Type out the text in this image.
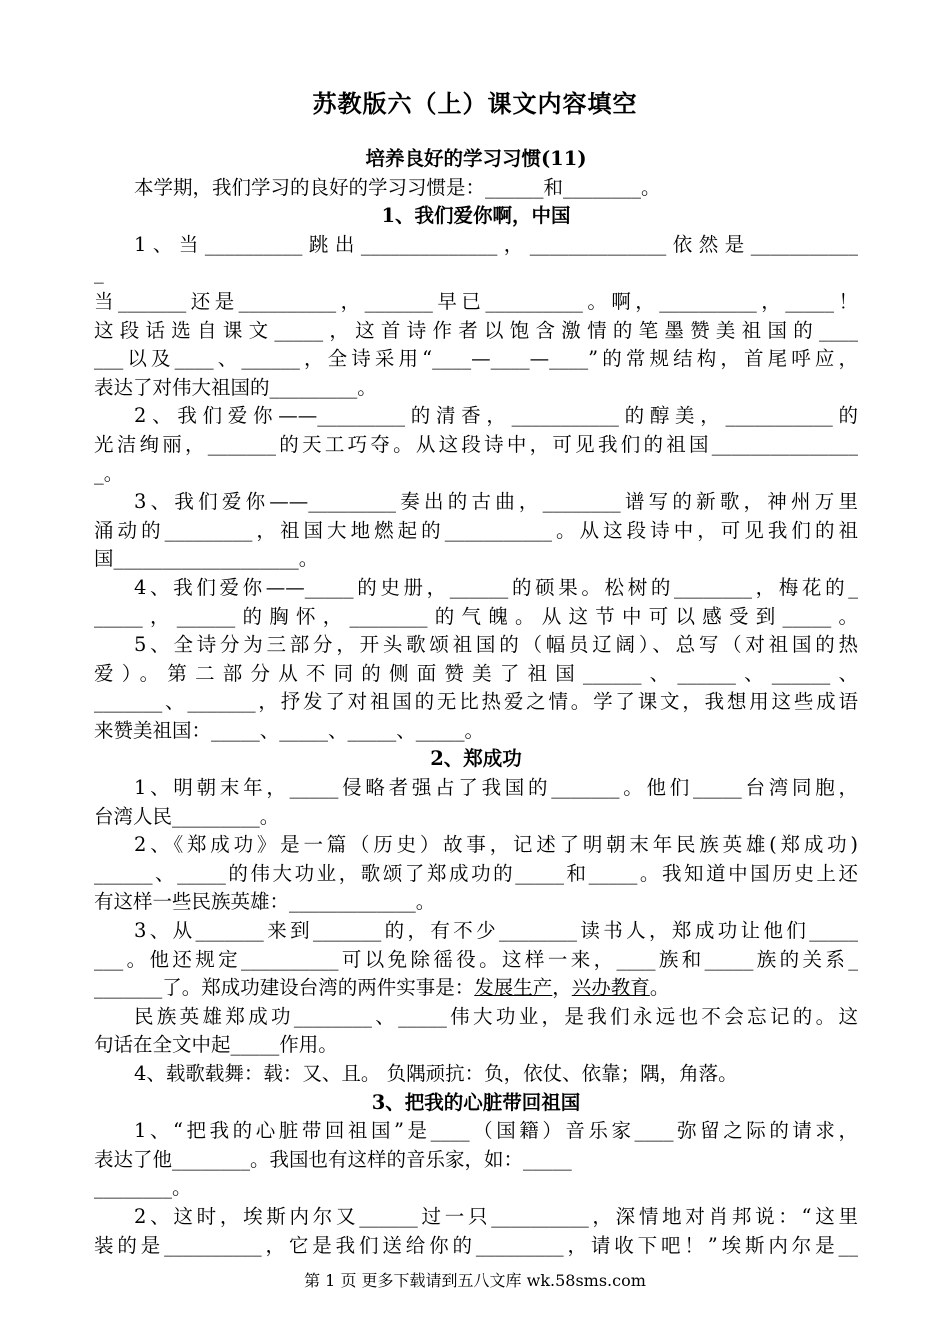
苏教版六（上）课文内容填空
培养良好的学习习惯(11)
本学期，我们学习的良好的学习习惯是：______和________。
1、我们爱你啊，中国
1、当__________跳出______________，______________依然是___________
_
当_______还是__________，_______早已__________。啊，__________，_____！
这段话选自课文_____，这首诗作者以饱含激情的笔墨赞美祖国的____
___以及____、______，全诗采用“____—____—____”的常规结构，首尾呼应，
表达了对伟大祖国的_________。
2、我们爱你——_________的清香，___________的醇美，___________的
光洁绚丽，_______的天工巧夺。从这段诗中，可见我们的祖国_______________
_。
3、我们爱你——_________奏出的古曲，________谱写的新歌，神州万里
涌动的_________，祖国大地燃起的___________。从这段诗中，可见我们的祖
国___________________。
4、我们爱你——_____的史册，______的硕果。松树的________，梅花的_
_____，______的胸怀，________的气魄。从这节中可以感受到_____。
5、全诗分为三部分，开头歌颂祖国的（幅员辽阔）、总写（对祖国的热
爱）。第二部分从不同的侧面赞美了祖国______、______、______、
_______、_______，抒发了对祖国的无比热爱之情。学了课文，我想用这些成语
来赞美祖国：_____、_____、_____、_____。
2、郑成功
1、明朝末年，_____侵略者强占了我国的_______。他们_____台湾同胞，
台湾人民_________。
2、《郑成功》是一篇（历史）故事，记述了明朝末年民族英雄(郑成功)
______、_____的伟大功业，歌颂了郑成功的_____和_____。我知道中国历史上还
有这样一些民族英雄：_____________。
3、从_______来到_______的，有不少________读书人，郑成功让他们_____
___。他还规定__________可以免除徭役。这样一来，____族和_____族的关系_
_______了。郑成功建设台湾的两件实事是：发展生产，兴办教育。
民族英雄郑成功________、_____伟大功业，是我们永远也不会忘记的。这
句话在全文中起_____作用。
4、载歌载舞：载：又、且。 负隅顽抗：负，依仗、依靠；隅，角落。
3、把我的心脏带回祖国
1、“把我的心脏带回祖国”是____（国籍）音乐家____弥留之际的请求，
表达了他________。我国也有这样的音乐家，如：_____
________。
2、这时，埃斯内尔又______过一只__________，深情地对肖邦说：“这里
装的是__________，它是我们送给你的_________，请收下吧！”埃斯内尔是__
第 1 页 更多下载请到五八文库 wk.58sms.com
